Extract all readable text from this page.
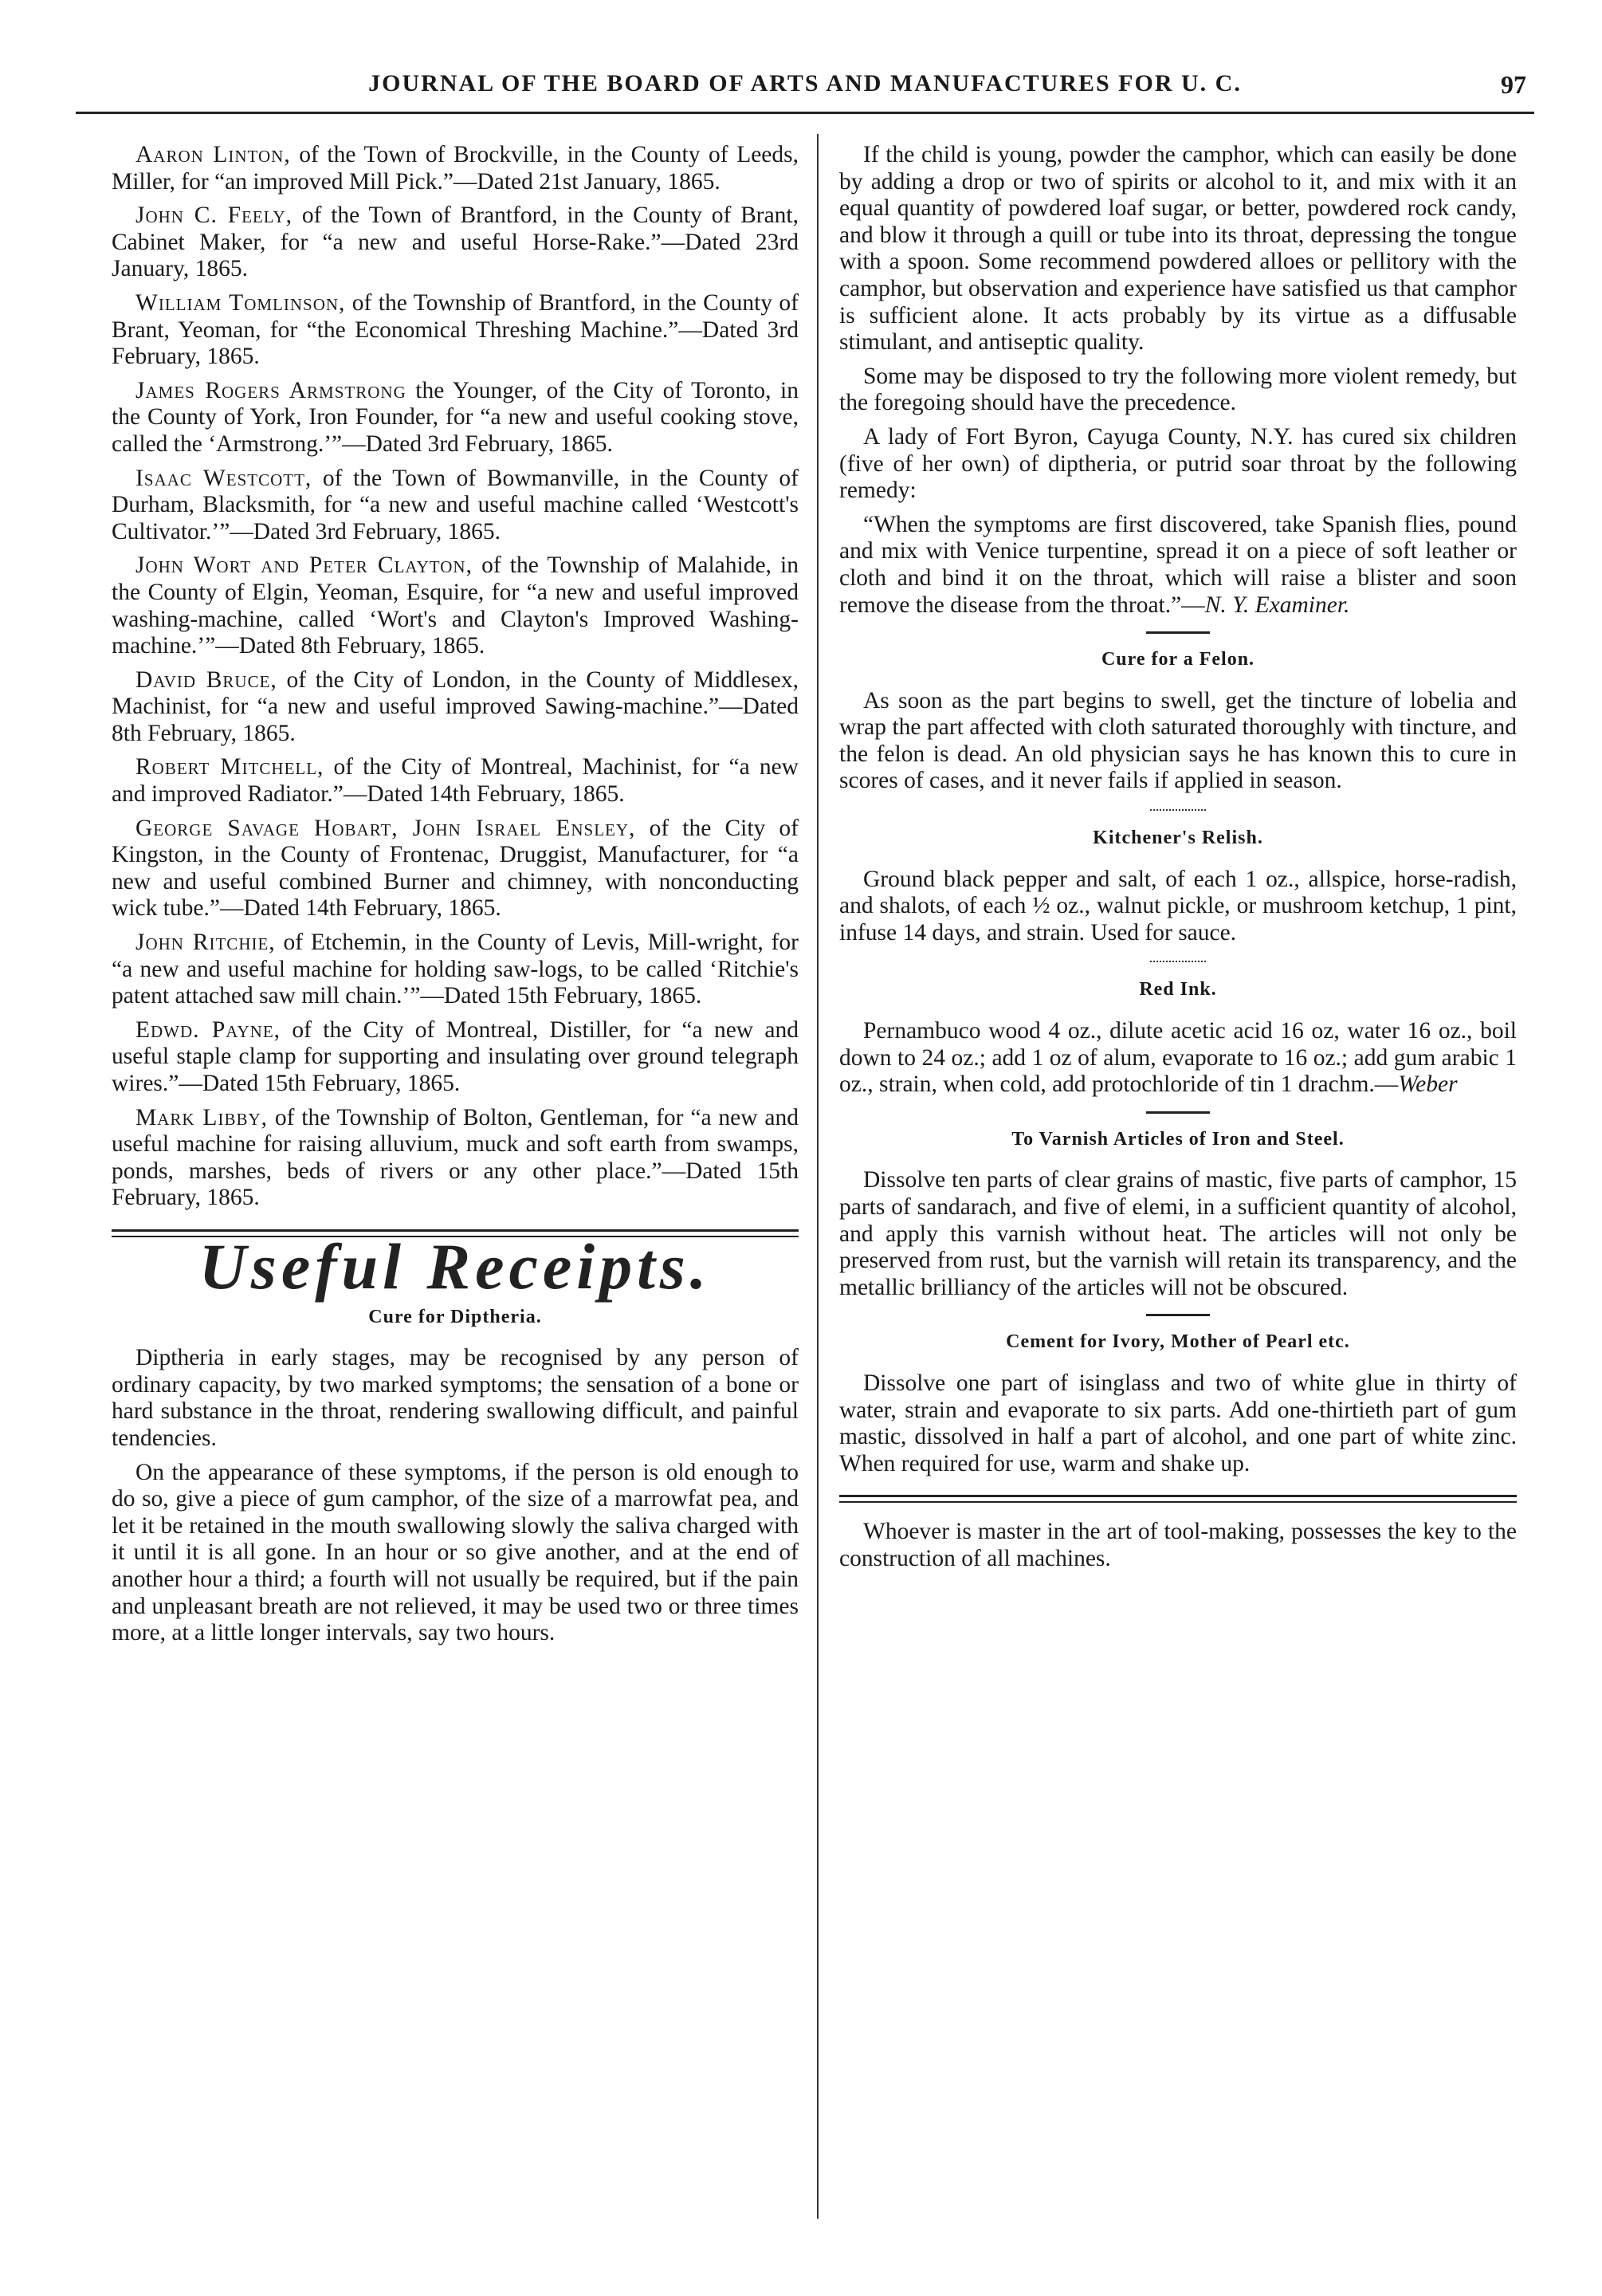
JOURNAL OF THE BOARD OF ARTS AND MANUFACTURES FOR U. C.	97

Aaron Linton, of the Town of Brockville, in the County of Leeds, Miller, for “an improved Mill Pick.”—Dated 21st January, 1865.

John C. Feely, of the Town of Brantford, in the County of Brant, Cabinet Maker, for “a new and useful Horse-Rake.”—Dated 23rd January, 1865.

William Tomlinson, of the Township of Brantford, in the County of Brant, Yeoman, for “the Economical Threshing Machine.”—Dated 3rd February, 1865.

James Rogers Armstrong the Younger, of the City of Toronto, in the County of York, Iron Founder, for “a new and useful cooking stove, called the ‘Armstrong.’”—Dated 3rd February, 1865.

Isaac Westcott, of the Town of Bowmanville, in the County of Durham, Blacksmith, for “a new and useful machine called ‘Westcott's Cultivator.’”—Dated 3rd February, 1865.

John Wort and Peter Clayton, of the Township of Malahide, in the County of Elgin, Yeoman, Esquire, for “a new and useful improved washing-machine, called ‘Wort's and Clayton's Improved Washing-machine.’”—Dated 8th February, 1865.

David Bruce, of the City of London, in the County of Middlesex, Machinist, for “a new and useful improved Sawing-machine.”—Dated 8th February, 1865.

Robert Mitchell, of the City of Montreal, Machinist, for “a new and improved Radiator.”—Dated 14th February, 1865.

George Savage Hobart, John Israel Ensley, of the City of Kingston, in the County of Frontenac, Druggist, Manufacturer, for “a new and useful combined Burner and chimney, with nonconducting wick tube.”—Dated 14th February, 1865.

John Ritchie, of Etchemin, in the County of Levis, Mill-wright, for “a new and useful machine for holding saw-logs, to be called ‘Ritchie's patent attached saw mill chain.’”—Dated 15th February, 1865.

Edwd. Payne, of the City of Montreal, Distiller, for “a new and useful staple clamp for supporting and insulating over ground telegraph wires.”—Dated 15th February, 1865.

Mark Libby, of the Township of Bolton, Gentleman, for “a new and useful machine for raising alluvium, muck and soft earth from swamps, ponds, marshes, beds of rivers or any other place.”—Dated 15th February, 1865.

Useful Receipts.
Cure for Diptheria.

Diptheria in early stages, may be recognised by any person of ordinary capacity, by two marked symptoms; the sensation of a bone or hard substance in the throat, rendering swallowing difficult, and painful tendencies.

On the appearance of these symptoms, if the person is old enough to do so, give a piece of gum camphor, of the size of a marrowfat pea, and let it be retained in the mouth swallowing slowly the saliva charged with it until it is all gone. In an hour or so give another, and at the end of another hour a third; a fourth will not usually be required, but if the pain and unpleasant breath are not relieved, it may be used two or three times more, at a little longer intervals, say two hours.

If the child is young, powder the camphor, which can easily be done by adding a drop or two of spirits or alcohol to it, and mix with it an equal quantity of powdered loaf sugar, or better, powdered rock candy, and blow it through a quill or tube into its throat, depressing the tongue with a spoon. Some recommend powdered alloes or pellitory with the camphor, but observation and experience have satisfied us that camphor is sufficient alone. It acts probably by its virtue as a diffusable stimulant, and antiseptic quality.

Some may be disposed to try the following more violent remedy, but the foregoing should have the precedence.

A lady of Fort Byron, Cayuga County, N.Y. has cured six children (five of her own) of diptheria, or putrid soar throat by the following remedy:

“When the symptoms are first discovered, take Spanish flies, pound and mix with Venice turpentine, spread it on a piece of soft leather or cloth and bind it on the throat, which will raise a blister and soon remove the disease from the throat.”—N. Y. Examiner.

Cure for a Felon.

As soon as the part begins to swell, get the tincture of lobelia and wrap the part affected with cloth saturated thoroughly with tincture, and the felon is dead. An old physician says he has known this to cure in scores of cases, and it never fails if applied in season.

Kitchener's Relish.

Ground black pepper and salt, of each 1 oz., allspice, horse-radish, and shalots, of each ½ oz., walnut pickle, or mushroom ketchup, 1 pint, infuse 14 days, and strain. Used for sauce.

Red Ink.

Pernambuco wood 4 oz., dilute acetic acid 16 oz, water 16 oz., boil down to 24 oz.; add 1 oz of alum, evaporate to 16 oz.; add gum arabic 1 oz., strain, when cold, add protochloride of tin 1 drachm.—Weber

To Varnish Articles of Iron and Steel.

Dissolve ten parts of clear grains of mastic, five parts of camphor, 15 parts of sandarach, and five of elemi, in a sufficient quantity of alcohol, and apply this varnish without heat. The articles will not only be preserved from rust, but the varnish will retain its transparency, and the metallic brilliancy of the articles will not be obscured.

Cement for Ivory, Mother of Pearl etc.

Dissolve one part of isinglass and two of white glue in thirty of water, strain and evaporate to six parts. Add one-thirtieth part of gum mastic, dissolved in half a part of alcohol, and one part of white zinc. When required for use, warm and shake up.

Whoever is master in the art of tool-making, possesses the key to the construction of all machines.
